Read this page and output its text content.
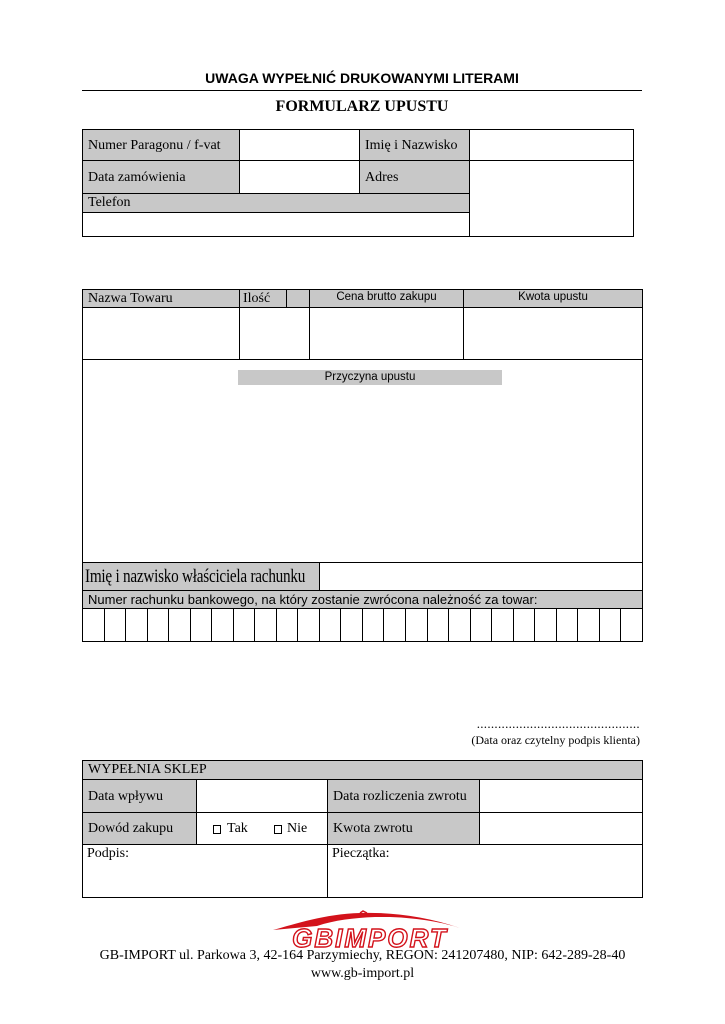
UWAGA WYPEŁNIĆ DRUKOWANYMI LITERAMI
FORMULARZ UPUSTU
Numer Paragonu / f-vat	Imię i Nazwisko
Data zamówienia	Adres
Telefon
Nazwa Towaru	Ilość	Cena brutto zakupu	Kwota upustu
Przyczyna upustu
Imię i nazwisko właściciela rachunku
Numer rachunku bankowego, na który zostanie zwrócona należność za towar:
..............................................
(Data oraz czytelny podpis klienta)
WYPEŁNIA SKLEP
Data wpływu	Data rozliczenia zwrotu
Dowód zakupu	Tak	Nie	Kwota zwrotu
Podpis:	Pieczątka:
GBIMPORT
GB-IMPORT ul. Parkowa 3, 42-164 Parzymiechy, REGON: 241207480, NIP: 642-289-28-40
www.gb-import.pl
